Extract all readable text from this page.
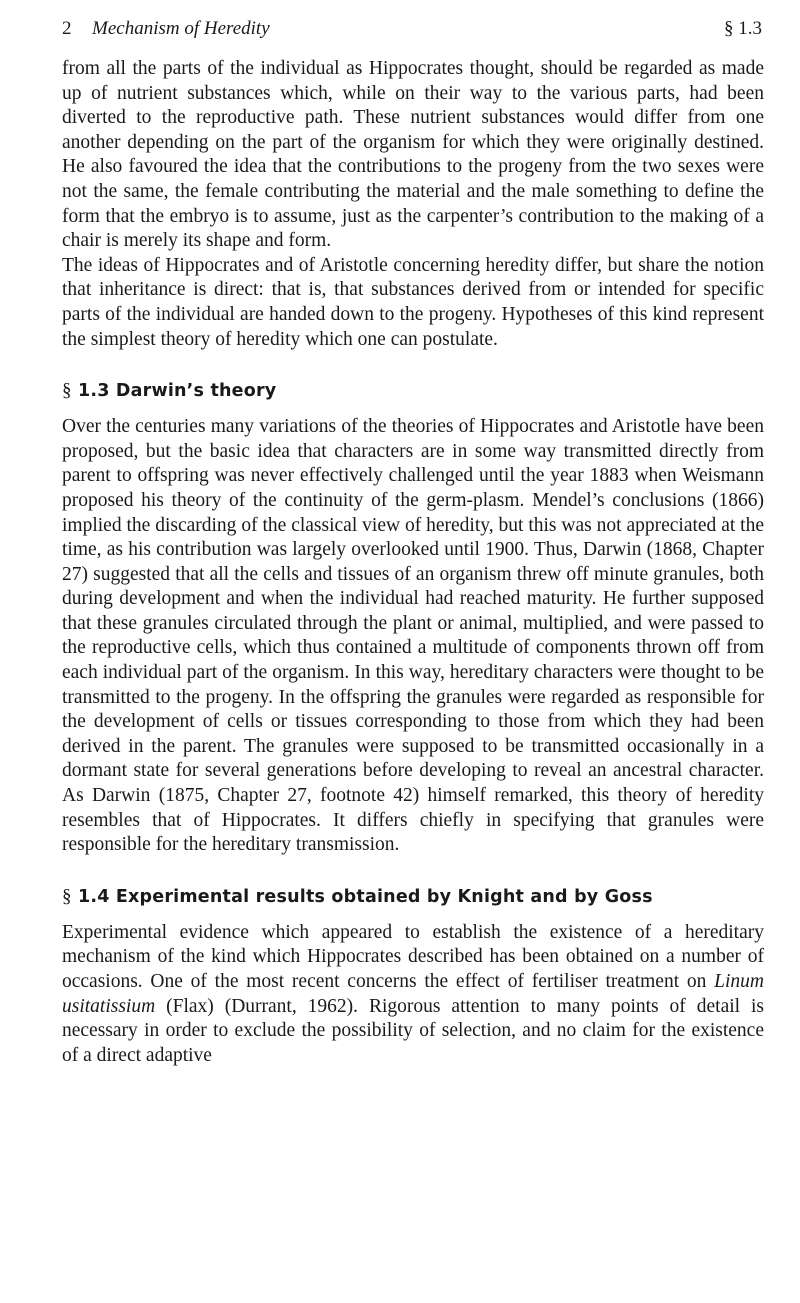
2 Mechanism of Heredity	§ 1.3

from all the parts of the individual as Hippocrates thought, should be regarded as made up of nutrient substances which, while on their way to the various parts, had been diverted to the reproductive path. These nutrient substances would differ from one another depending on the part of the organism for which they were originally destined. He also favoured the idea that the contributions to the progeny from the two sexes were not the same, the female contributing the material and the male something to define the form that the embryo is to assume, just as the carpenter’s contribution to the making of a chair is merely its shape and form.

The ideas of Hippocrates and of Aristotle concerning heredity differ, but share the notion that inheritance is direct: that is, that substances derived from or intended for specific parts of the individual are handed down to the progeny. Hypotheses of this kind represent the simplest theory of heredity which one can postulate.

§ 1.3 Darwin’s theory

Over the centuries many variations of the theories of Hippocrates and Aristotle have been proposed, but the basic idea that characters are in some way transmitted directly from parent to offspring was never effectively challenged until the year 1883 when Weismann proposed his theory of the continuity of the germ-plasm. Mendel’s conclusions (1866) implied the discarding of the classical view of heredity, but this was not appreciated at the time, as his contribution was largely overlooked until 1900. Thus, Darwin (1868, Chapter 27) suggested that all the cells and tissues of an organism threw off minute granules, both during development and when the individual had reached maturity. He further supposed that these granules circulated through the plant or animal, multiplied, and were passed to the reproductive cells, which thus contained a multitude of components thrown off from each individual part of the organism. In this way, hereditary characters were thought to be transmitted to the progeny. In the offspring the granules were regarded as responsible for the development of cells or tissues corresponding to those from which they had been derived in the parent. The granules were supposed to be transmitted occasionally in a dormant state for several generations before developing to reveal an ancestral character. As Darwin (1875, Chapter 27, footnote 42) himself remarked, this theory of heredity resembles that of Hippocrates. It differs chiefly in specifying that granules were responsible for the hereditary transmission.

§ 1.4 Experimental results obtained by Knight and by Goss

Experimental evidence which appeared to establish the existence of a hereditary mechanism of the kind which Hippocrates described has been obtained on a number of occasions. One of the most recent concerns the effect of fertiliser treatment on Linum usitatissium (Flax) (Durrant, 1962). Rigorous attention to many points of detail is necessary in order to exclude the possibility of selection, and no claim for the existence of a direct adaptive
